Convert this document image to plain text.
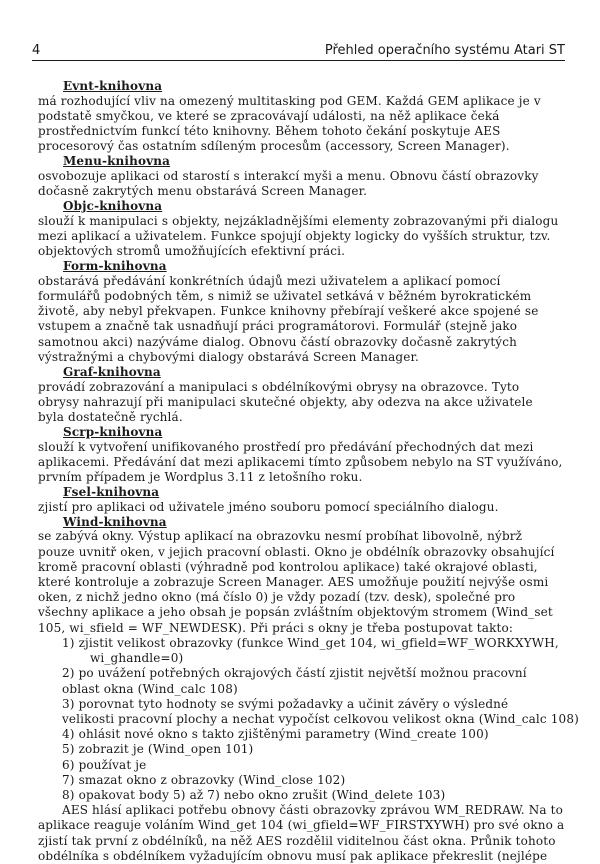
4	Přehled operačního systému Atari ST
Evnt-knihovna
má rozhodující vliv na omezený multitasking pod GEM. Každá GEM aplikace je v
podstatě smyčkou, ve které se zpracovávají události, na něž aplikace čeká
prostřednictvím funkcí této knihovny. Během tohoto čekání poskytuje AES
procesorový čas ostatním sdíleným procesům (accessory, Screen Manager).
Menu-knihovna
osvobozuje aplikaci od starostí s interakcí myši a menu. Obnovu částí obrazovky
dočasně zakrytých menu obstarává Screen Manager.
Objc-knihovna
slouží k manipulaci s objekty, nejzákladnějšími elementy zobrazovanými při dialogu
mezi aplikací a uživatelem. Funkce spojují objekty logicky do vyšších struktur, tzv.
objektových stromů umožňujících efektivní práci.
Form-knihovna
obstarává předávání konkrétních údajů mezi uživatelem a aplikací pomocí
formulářů podobných těm, s nimiž se uživatel setkává v běžném byrokratickém
životě, aby nebyl překvapen. Funkce knihovny přebírají veškeré akce spojené se
vstupem a značně tak usnadňují práci programátorovi. Formulář (stejně jako
samotnou akci) nazýváme dialog. Obnovu částí obrazovky dočasně zakrytých
výstražnými a chybovými dialogy obstarává Screen Manager.
Graf-knihovna
provádí zobrazování a manipulaci s obdélníkovými obrysy na obrazovce. Tyto
obrysy nahrazují při manipulaci skutečné objekty, aby odezva na akce uživatele
byla dostatečně rychlá.
Scrp-knihovna
slouží k vytvoření unifikovaného prostředí pro předávání přechodných dat mezi
aplikacemi. Předávání dat mezi aplikacemi tímto způsobem nebylo na ST využíváno,
prvním případem je Wordplus 3.11 z letošního roku.
Fsel-knihovna
zjistí pro aplikaci od uživatele jméno souboru pomocí speciálního dialogu.
Wind-knihovna
se zabývá okny. Výstup aplikací na obrazovku nesmí probíhat libovolně, nýbrž
pouze uvnitř oken, v jejich pracovní oblasti. Okno je obdélník obrazovky obsahující
kromě pracovní oblasti (výhradně pod kontrolou aplikace) také okrajové oblasti,
které kontroluje a zobrazuje Screen Manager. AES umožňuje použití nejvýše osmi
oken, z nichž jedno okno (má číslo 0) je vždy pozadí (tzv. desk), společné pro
všechny aplikace a jeho obsah je popsán zvláštním objektovým stromem (Wind_set
105, wi_sfield = WF_NEWDESK). Při práci s okny je třeba postupovat takto:
1) zjistit velikost obrazovky (funkce Wind_get 104, wi_gfield=WF_WORKXYWH,
wi_ghandle=0)
2) po uvážení potřebných okrajových částí zjistit největší možnou pracovní
oblast okna (Wind_calc 108)
3) porovnat tyto hodnoty se svými požadavky a učinit závěry o výsledné
velikosti pracovní plochy a nechat vypočíst celkovou velikost okna (Wind_calc 108)
4) ohlásit nové okno s takto zjištěnými parametry (Wind_create 100)
5) zobrazit je (Wind_open 101)
6) používat je
7) smazat okno z obrazovky (Wind_close 102)
8) opakovat body 5) až 7) nebo okno zrušit (Wind_delete 103)
AES hlásí aplikaci potřebu obnovy části obrazovky zprávou WM_REDRAW. Na to
aplikace reaguje voláním Wind_get 104 (wi_gfield=WF_FIRSTXYWH) pro své okno a
zjistí tak první z obdélníků, na něž AES rozdělil viditelnou část okna. Průnik tohoto
obdélníka s obdélníkem vyžadujícím obnovu musí pak aplikace překreslit (nejlépe
